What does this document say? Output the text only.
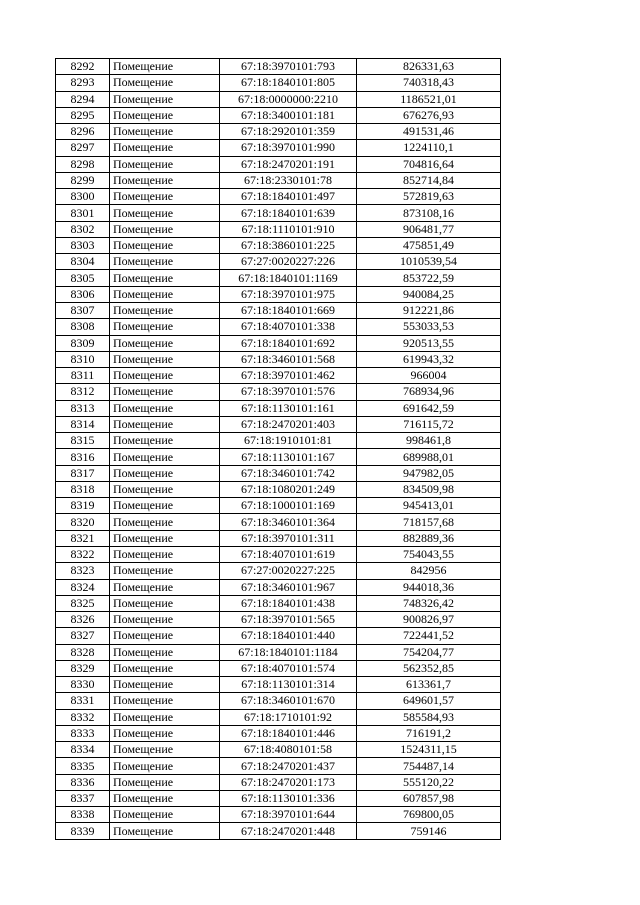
8292	Помещение	67:18:3970101:793	826331,63
8293	Помещение	67:18:1840101:805	740318,43
8294	Помещение	67:18:0000000:2210	1186521,01
8295	Помещение	67:18:3400101:181	676276,93
8296	Помещение	67:18:2920101:359	491531,46
8297	Помещение	67:18:3970101:990	1224110,1
8298	Помещение	67:18:2470201:191	704816,64
8299	Помещение	67:18:2330101:78	852714,84
8300	Помещение	67:18:1840101:497	572819,63
8301	Помещение	67:18:1840101:639	873108,16
8302	Помещение	67:18:1110101:910	906481,77
8303	Помещение	67:18:3860101:225	475851,49
8304	Помещение	67:27:0020227:226	1010539,54
8305	Помещение	67:18:1840101:1169	853722,59
8306	Помещение	67:18:3970101:975	940084,25
8307	Помещение	67:18:1840101:669	912221,86
8308	Помещение	67:18:4070101:338	553033,53
8309	Помещение	67:18:1840101:692	920513,55
8310	Помещение	67:18:3460101:568	619943,32
8311	Помещение	67:18:3970101:462	966004
8312	Помещение	67:18:3970101:576	768934,96
8313	Помещение	67:18:1130101:161	691642,59
8314	Помещение	67:18:2470201:403	716115,72
8315	Помещение	67:18:1910101:81	998461,8
8316	Помещение	67:18:1130101:167	689988,01
8317	Помещение	67:18:3460101:742	947982,05
8318	Помещение	67:18:1080201:249	834509,98
8319	Помещение	67:18:1000101:169	945413,01
8320	Помещение	67:18:3460101:364	718157,68
8321	Помещение	67:18:3970101:311	882889,36
8322	Помещение	67:18:4070101:619	754043,55
8323	Помещение	67:27:0020227:225	842956
8324	Помещение	67:18:3460101:967	944018,36
8325	Помещение	67:18:1840101:438	748326,42
8326	Помещение	67:18:3970101:565	900826,97
8327	Помещение	67:18:1840101:440	722441,52
8328	Помещение	67:18:1840101:1184	754204,77
8329	Помещение	67:18:4070101:574	562352,85
8330	Помещение	67:18:1130101:314	613361,7
8331	Помещение	67:18:3460101:670	649601,57
8332	Помещение	67:18:1710101:92	585584,93
8333	Помещение	67:18:1840101:446	716191,2
8334	Помещение	67:18:4080101:58	1524311,15
8335	Помещение	67:18:2470201:437	754487,14
8336	Помещение	67:18:2470201:173	555120,22
8337	Помещение	67:18:1130101:336	607857,98
8338	Помещение	67:18:3970101:644	769800,05
8339	Помещение	67:18:2470201:448	759146
